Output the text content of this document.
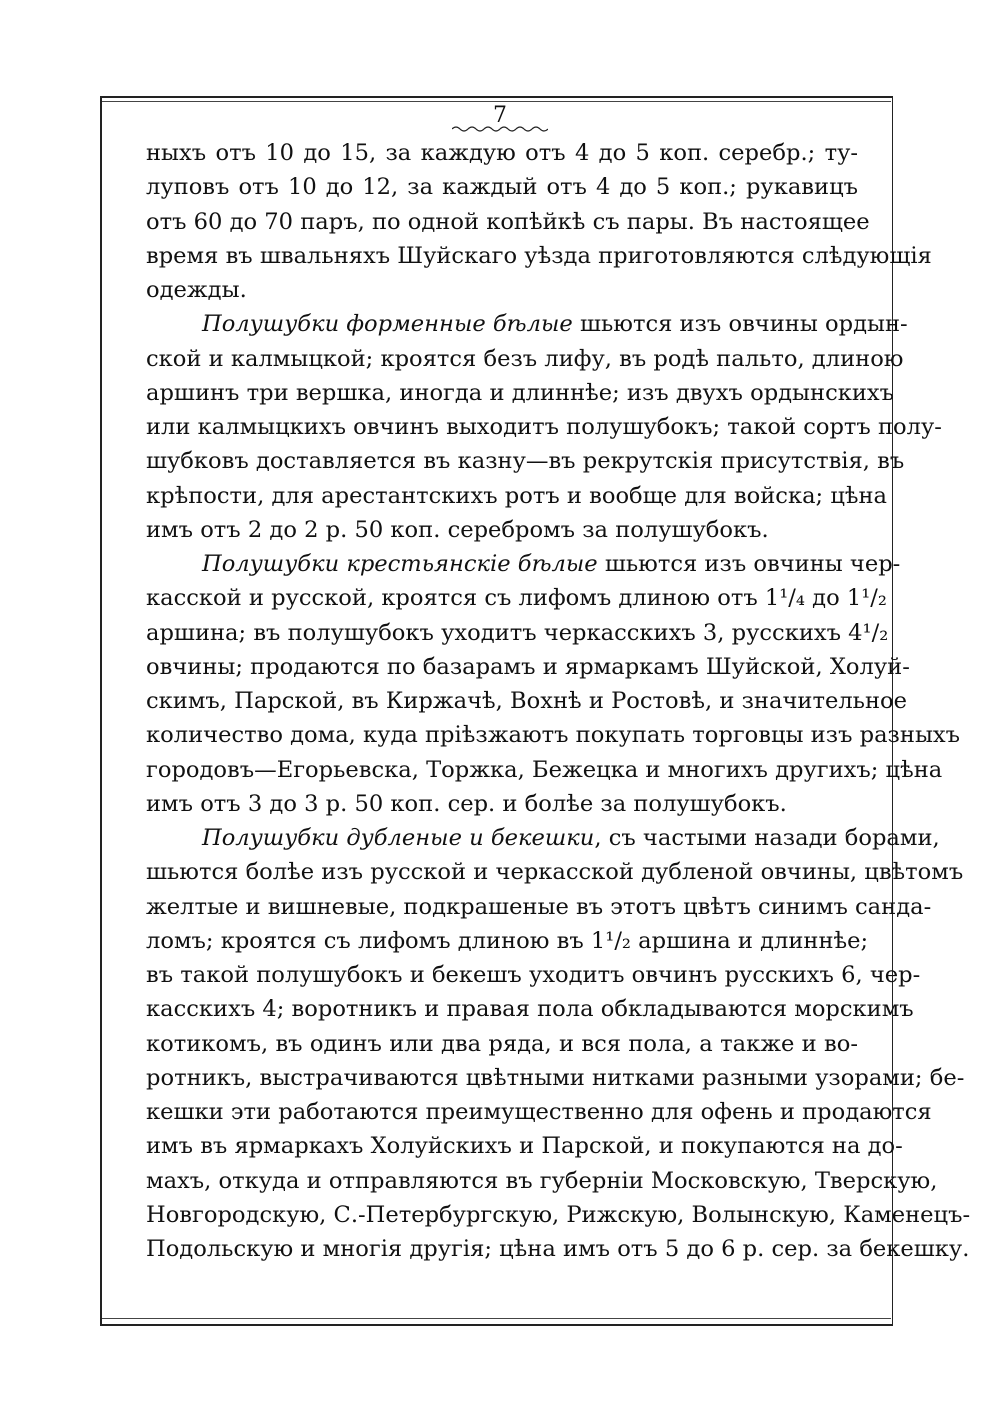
7
ныхъ отъ 10 до 15, за каждую отъ 4 до 5 коп. серебр.; ту-
луповъ отъ 10 до 12, за каждый отъ 4 до 5 коп.; рукавицъ
отъ 60 до 70 паръ, по одной копѣйкѣ съ пары. Въ настоящее
время въ швальняхъ Шуйскаго уѣзда приготовляются слѣдующія
одежды.
Полушубки форменные бѣлые шьются изъ овчины ордын-
ской и калмыцкой; кроятся безъ лифу, въ родѣ пальто, длиною
аршинъ три вершка, иногда и длиннѣе; изъ двухъ ордынскихъ
или калмыцкихъ овчинъ выходитъ полушубокъ; такой сортъ полу-
шубковъ доставляется въ казну—въ рекрутскія присутствія, въ
крѣпости, для арестантскихъ ротъ и вообще для войска; цѣна
имъ отъ 2 до 2 р. 50 коп. серебромъ за полушубокъ.
Полушубки крестьянскіе бѣлые шьются изъ овчины чер-
касской и русской, кроятся съ лифомъ длиною отъ 1¹/₄ до 1¹/₂
аршина; въ полушубокъ уходитъ черкасскихъ 3, русскихъ 4¹/₂
овчины; продаются по базарамъ и ярмаркамъ Шуйской, Холуй-
скимъ, Парской, въ Киржачѣ, Вохнѣ и Ростовѣ, и значительное
количество дома, куда пріѣзжаютъ покупать торговцы изъ разныхъ
городовъ—Егорьевска, Торжка, Бежецка и многихъ другихъ; цѣна
имъ отъ 3 до 3 р. 50 коп. сер. и болѣе за полушубокъ.
Полушубки дубленые и бекешки, съ частыми назади борами,
шьются болѣе изъ русской и черкасской дубленой овчины, цвѣтомъ
желтые и вишневые, подкрашеные въ этотъ цвѣтъ синимъ санда-
ломъ; кроятся съ лифомъ длиною въ 1¹/₂ аршина и длиннѣе;
въ такой полушубокъ и бекешъ уходитъ овчинъ русскихъ 6, чер-
касскихъ 4; воротникъ и правая пола обкладываются морскимъ
котикомъ, въ одинъ или два ряда, и вся пола, а также и во-
ротникъ, выстрачиваются цвѣтными нитками разными узорами; бе-
кешки эти работаются преимущественно для офень и продаются
имъ въ ярмаркахъ Холуйскихъ и Парской, и покупаются на до-
махъ, откуда и отправляются въ губерніи Московскую, Тверскую,
Новгородскую, С.-Петербургскую, Рижскую, Волынскую, Каменецъ-
Подольскую и многія другія; цѣна имъ отъ 5 до 6 р. сер. за бекешку.
